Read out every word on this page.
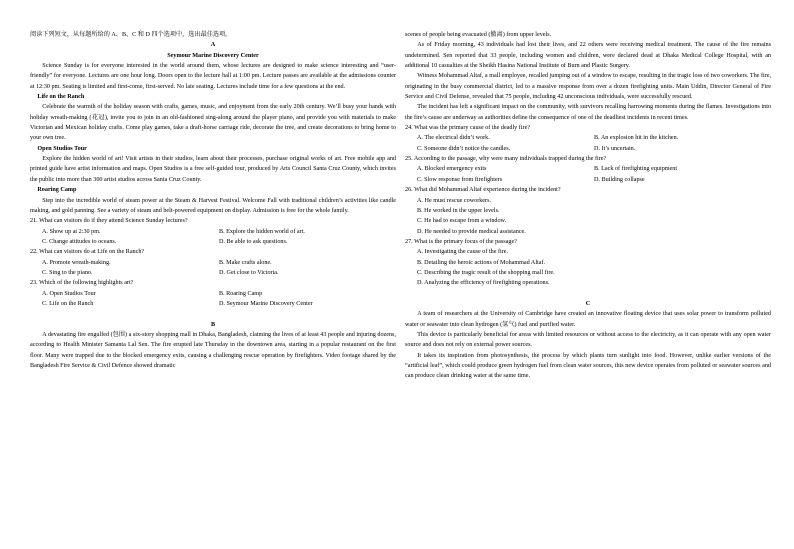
阅读下列短文，从每题所给的 A、B、C 和 D 四个选项中，选出最佳选项。

A

Seymour Marine Discovery Center

Science Sunday is for everyone interested in the world around them, whose lectures are designed to make science interesting and “user-friendly” for everyone. Lectures are one hour long. Doors open to the lecture hall at 1:00 pm. Lecture passes are available at the admissions counter at 12:30 pm. Seating is limited and first-come, first-served. No late seating. Lectures include time for a few questions at the end.

Life on the Ranch

Celebrate the warmth of the holiday season with crafts, games, music, and enjoyment from the early 20th century. We’ll busy your hands with holiday wreath-making (花冠), invite you to join in an old-fashioned sing-along around the player piano, and provide you with materials to make Victorian and Mexican holiday crafts. Come play games, take a draft-horse carriage ride, decorate the tree, and create decorations to bring home to your own tree.

Open Studios Tour

Explore the hidden world of art! Visit artists in their studios, learn about their processes, purchase original works of art. Free mobile app and printed guide have artist information and maps. Open Studios is a free self-guided tour, produced by Arts Council Santa Cruz County, which invites the public into more than 300 artist studios across Santa Cruz County.

Roaring Camp

Step into the incredible world of steam power at the Steam & Harvest Festival. Welcome Fall with traditional children’s activities like candle making, and gold panning. See a variety of steam and belt-powered equipment on display. Admission is free for the whole family.

21. What can visitors do if they attend Science Sunday lectures?

A. Show up at 2:30 pm.	B. Explore the hidden world of art.
C. Change attitudes to oceans.	D. Be able to ask questions.

22. What can visitors do at Life on the Ranch?

A. Promote wreath-making.	B. Make crafts alone.
C. Sing to the piano.	D. Get close to Victoria.

23. Which of the following highlights art?

A. Open Studios Tour	B. Roaring Camp
C. Life on the Ranch	D. Seymour Marine Discovery Center

B

A devastating fire engulfed (包围) a six-story shopping mall in Dhaka, Bangladesh, claiming the lives of at least 43 people and injuring dozens, according to Health Minister Samanta Lal Sen. The fire erupted late Thursday in the downtown area, starting in a popular restaurant on the first floor. Many were trapped due to the blocked emergency exits, causing a challenging rescue operation by firefighters. Video footage shared by the Bangladesh Fire Service & Civil Defence showed dramatic

scenes of people being evacuated (撤离) from upper levels.

As of Friday morning, 43 individuals had lost their lives, and 22 others were receiving medical treatment. The cause of the fire remains undetermined. Sen reported that 33 people, including women and children, were declared dead at Dhaka Medical College Hospital, with an additional 10 casualties at the Sheikh Hasina National Institute of Burn and Plastic Surgery.

Witness Mohammad Altaf, a mall employee, recalled jumping out of a window to escape, resulting in the tragic loss of two coworkers. The fire, originating in the busy commercial district, led to a massive response from over a dozen firefighting units. Main Uddin, Director General of Fire Service and Civil Defense, revealed that 75 people, including 42 unconscious individuals, were successfully rescued.

The incident has left a significant impact on the community, with survivors recalling harrowing moments during the flames. Investigations into the fire’s cause are underway as authorities define the consequence of one of the deadliest incidents in recent times.

24. What was the primary cause of the deadly fire?

A. The electrical didn’t work.	B. An explosion hit in the kitchen.
C. Someone didn’t notice the candles.	D. It’s uncertain.

25. According to the passage, why were many individuals trapped during the fire?

A. Blocked emergency exits	B. Lack of firefighting equipment
C. Slow response from firefighters	D. Building collapse

26. What did Mohammad Altaf experience during the incident?

A. He must rescue coworkers.

B. He worked in the upper levels.

C. He had to escape from a window.

D. He needed to provide medical assistance.

27. What is the primary focus of the passage?

A. Investigating the cause of the fire.

B. Detailing the heroic actions of Mohammad Altaf.

C. Describing the tragic result of the shopping mall fire.

D. Analyzing the efficiency of firefighting operations.

C

A team of researchers at the University of Cambridge have created an innovative floating device that uses solar power to transform polluted water or seawater into clean hydrogen (氢气) fuel and purified water.

This device is particularly beneficial for areas with limited resources or without access to the electricity, as it can operate with any open water source and does not rely on external power sources.

It takes its inspiration from photosynthesis, the process by which plants turn sunlight into food. However, unlike earlier versions of the “artificial leaf”, which could produce green hydrogen fuel from clean water sources, this new device operates from polluted or seawater sources and can produce clean drinking water at the same time.
